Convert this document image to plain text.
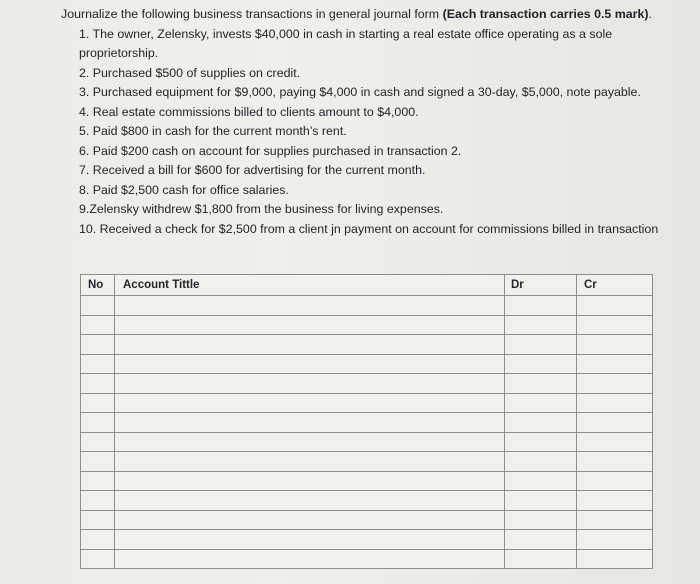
Journalize the following business transactions in general journal form (Each transaction carries 0.5 mark).

1. The owner, Zelensky, invests $40,000 in cash in starting a real estate office operating as a sole proprietorship.
2. Purchased $500 of supplies on credit.
3. Purchased equipment for $9,000, paying $4,000 in cash and signed a 30-day, $5,000, note payable.
4. Real estate commissions billed to clients amount to $4,000.
5. Paid $800 in cash for the current month’s rent.
6. Paid $200 cash on account for supplies purchased in transaction 2.
7. Received a bill for $600 for advertising for the current month.
8. Paid $2,500 cash for office salaries.
9.Zelensky withdrew $1,800 from the business for living expenses.
10. Received a check for $2,500 from a client jn payment on account for commissions billed in transaction
No	Account Tittle	Dr	Cr
